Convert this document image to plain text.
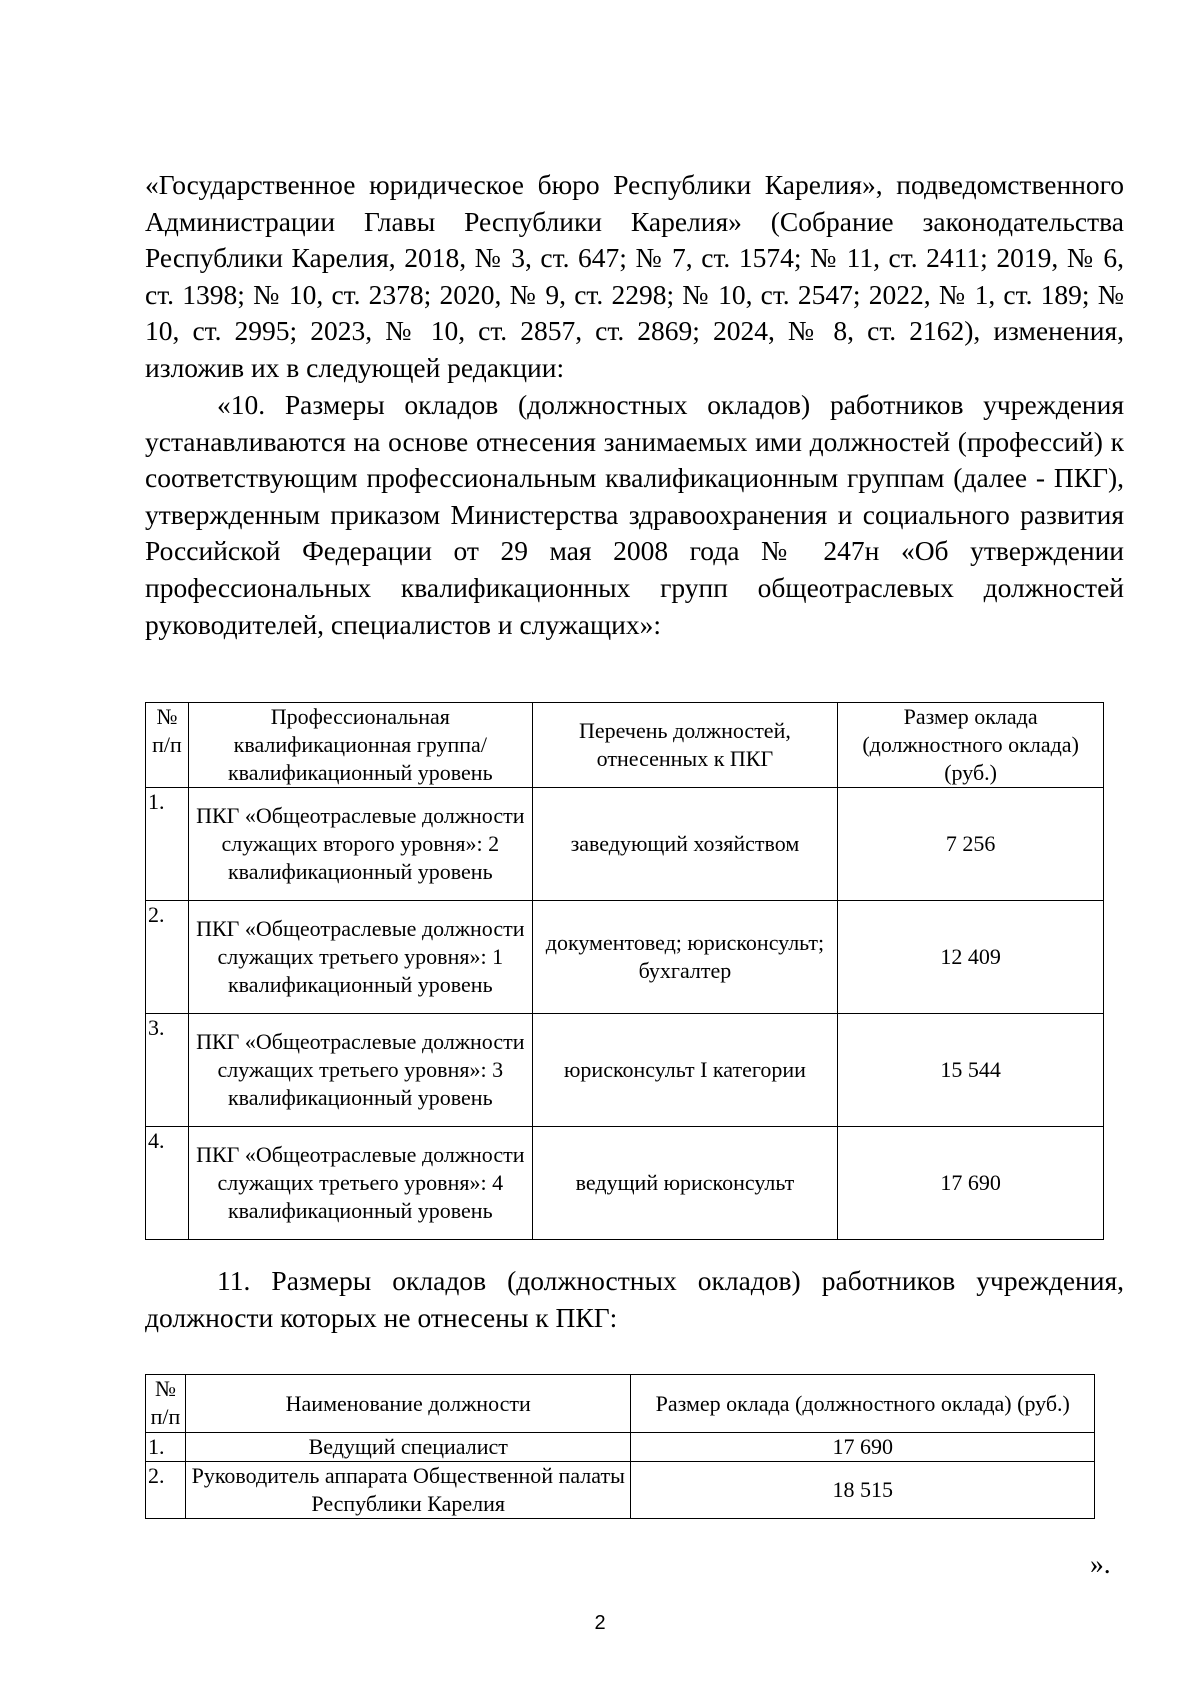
«Государственное юридическое бюро Республики Карелия», подведомственного Администрации Главы Республики Карелия» (Собрание законодательства Республики Карелия, 2018, № 3, ст. 647; № 7, ст. 1574; № 11, ст. 2411; 2019, № 6, ст. 1398; № 10, ст. 2378; 2020, № 9, ст. 2298; № 10, ст. 2547; 2022, № 1, ст. 189; № 10, ст. 2995; 2023, № 10, ст. 2857, ст. 2869; 2024, № 8, ст. 2162), изменения, изложив их в следующей редакции:
«10. Размеры окладов (должностных окладов) работников учреждения устанавливаются на основе отнесения занимаемых ими должностей (профессий) к соответствующим профессиональным квалификационным группам (далее - ПКГ), утвержденным приказом Министерства здравоохранения и социального развития Российской Федерации от 29 мая 2008 года № 247н «Об утверждении профессиональных квалификационных групп общеотраслевых должностей руководителей, специалистов и служащих»:
№ п/п	Профессиональная квалификационная группа/ квалификационный уровень	Перечень должностей, отнесенных к ПКГ	Размер оклада (должностного оклада) (руб.)
1.	ПКГ «Общеотраслевые должности служащих второго уровня»: 2 квалификационный уровень	заведующий хозяйством	7 256
2.	ПКГ «Общеотраслевые должности служащих третьего уровня»: 1 квалификационный уровень	документовед; юрисконсульт; бухгалтер	12 409
3.	ПКГ «Общеотраслевые должности служащих третьего уровня»: 3 квалификационный уровень	юрисконсульт I категории	15 544
4.	ПКГ «Общеотраслевые должности служащих третьего уровня»: 4 квалификационный уровень	ведущий юрисконсульт	17 690
11. Размеры окладов (должностных окладов) работников учреждения, должности которых не отнесены к ПКГ:
№ п/п	Наименование должности	Размер оклада (должностного оклада) (руб.)
1.	Ведущий специалист	17 690
2.	Руководитель аппарата Общественной палаты Республики Карелия	18 515
».
2
